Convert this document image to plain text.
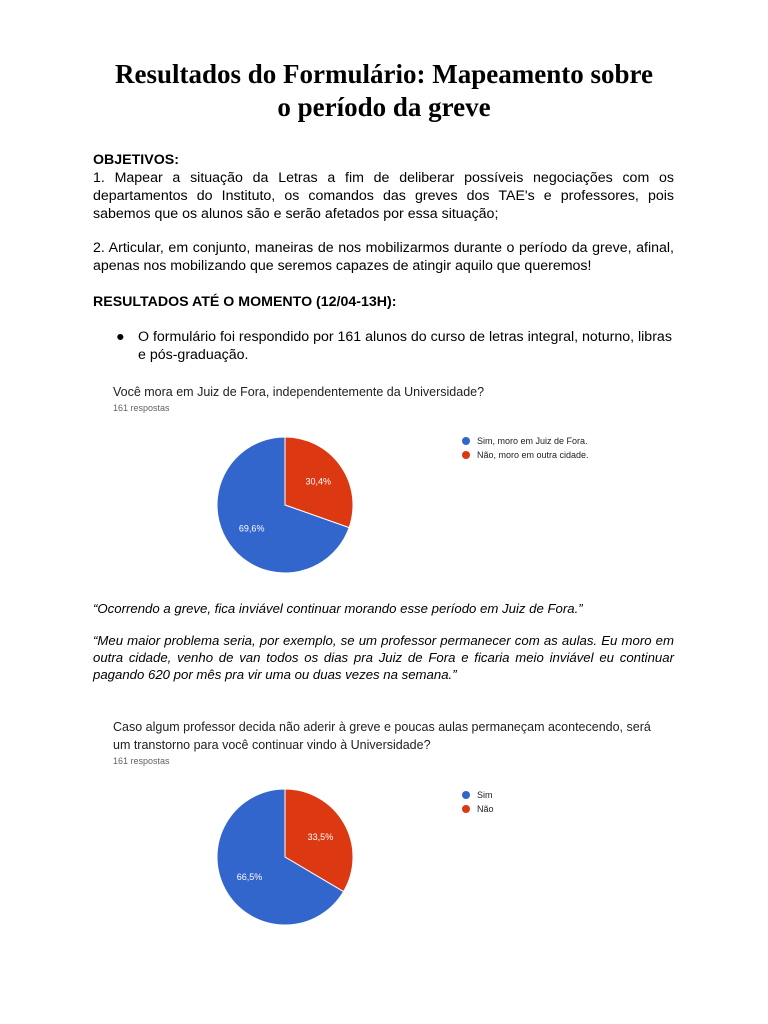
Resultados do Formulário: Mapeamento sobre
o período da greve
OBJETIVOS:
1. Mapear a situação da Letras a fim de deliberar possíveis negociações com os departamentos do Instituto, os comandos das greves dos TAE's e professores, pois sabemos que os alunos são e serão afetados por essa situação;
2. Articular, em conjunto, maneiras de nos mobilizarmos durante o período da greve, afinal, apenas nos mobilizando que seremos capazes de atingir aquilo que queremos!
RESULTADOS ATÉ O MOMENTO (12/04-13H):
● O formulário foi respondido por 161 alunos do curso de letras integral, noturno, libras e pós-graduação.
Você mora em Juiz de Fora, independentemente da Universidade?
161 respostas
30,4%
69,6%
Sim, moro em Juiz de Fora.
Não, moro em outra cidade.
“Ocorrendo a greve, fica inviável continuar morando esse período em Juiz de Fora.”
“Meu maior problema seria, por exemplo, se um professor permanecer com as aulas. Eu moro em outra cidade, venho de van todos os dias pra Juiz de Fora e ficaria meio inviável eu continuar pagando 620 por mês pra vir uma ou duas vezes na semana.”
Caso algum professor decida não aderir à greve e poucas aulas permaneçam acontecendo, será
um transtorno para você continuar vindo à Universidade?
161 respostas
33,5%
66,5%
Sim
Não
